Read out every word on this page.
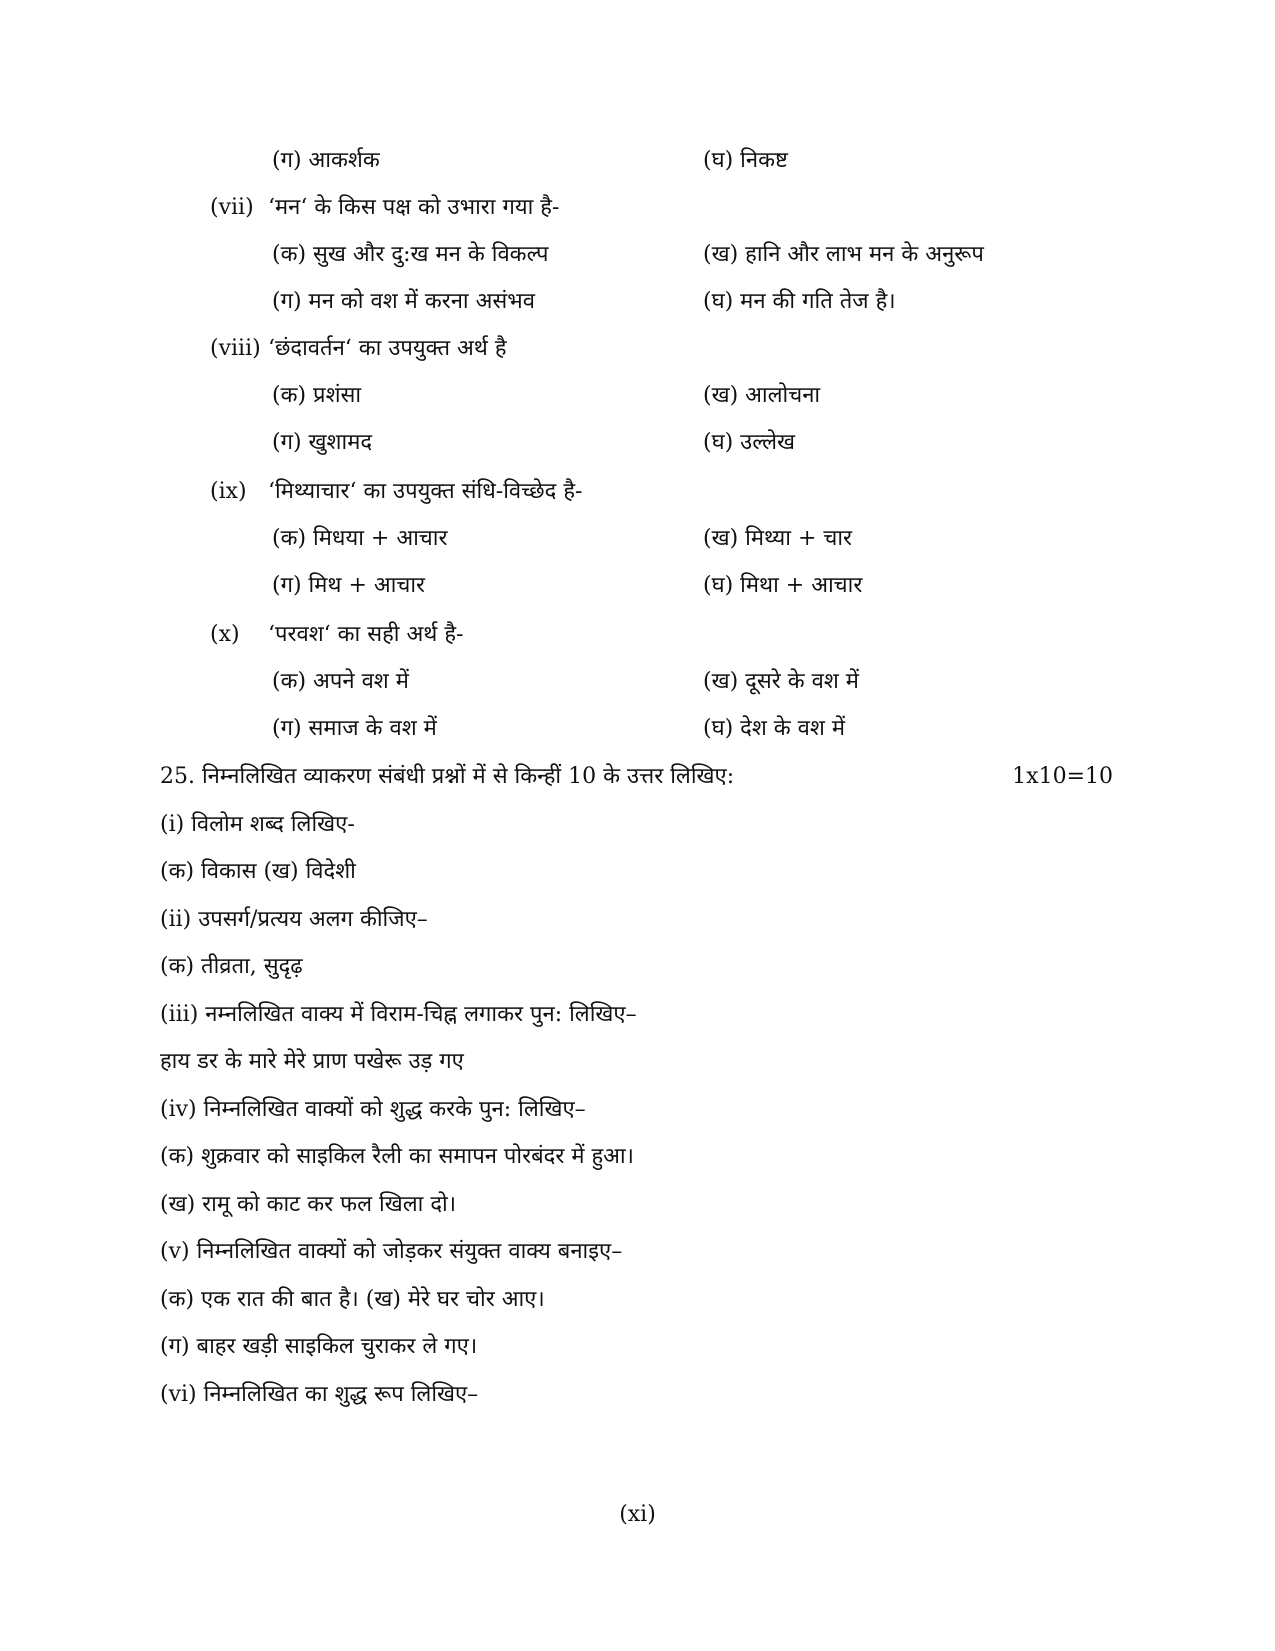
(ग) आकर्शक	(घ) निकष्ट
(vii) ‘मन‘ के किस पक्ष को उभारा गया है-
(क) सुख और दु:ख मन के विकल्प	(ख) हानि और लाभ मन के अनुरूप
(ग) मन को वश में करना असंभव	(घ) मन की गति तेज है।
(viii) ‘छंदावर्तन‘ का उपयुक्त अर्थ है
(क) प्रशंसा	(ख) आलोचना
(ग) खुशामद	(घ) उल्लेख
(ix) ‘मिथ्याचार‘ का उपयुक्त संधि-विच्छेद है-
(क) मिधया + आचार	(ख) मिथ्या + चार
(ग) मिथ + आचार	(घ) मिथा + आचार
(x) ‘परवश‘ का सही अर्थ है-
(क) अपने वश में	(ख) दूसरे के वश में
(ग) समाज के वश में	(घ) देश के वश में
25. निम्नलिखित व्याकरण संबंधी प्रश्नों में से किन्हीं 10 के उत्तर लिखिए:	1x10=10
(i) विलोम शब्द लिखिए-
(क) विकास (ख) विदेशी
(ii) उपसर्ग/प्रत्यय अलग कीजिए–
(क) तीव्रता, सुदृढ़
(iii) नम्नलिखित वाक्य में विराम-चिह्न लगाकर पुन: लिखिए–
हाय डर के मारे मेरे प्राण पखेरू उड़ गए
(iv) निम्नलिखित वाक्यों को शुद्ध करके पुन: लिखिए–
(क) शुक्रवार को साइकिल रैली का समापन पोरबंदर में हुआ।
(ख) रामू को काट कर फल खिला दो।
(v) निम्नलिखित वाक्यों को जोड़कर संयुक्त वाक्य बनाइए–
(क) एक रात की बात है। (ख) मेरे घर चोर आए।
(ग) बाहर खड़ी साइकिल चुराकर ले गए।
(vi) निम्नलिखित का शुद्ध रूप लिखिए–
(xi)
